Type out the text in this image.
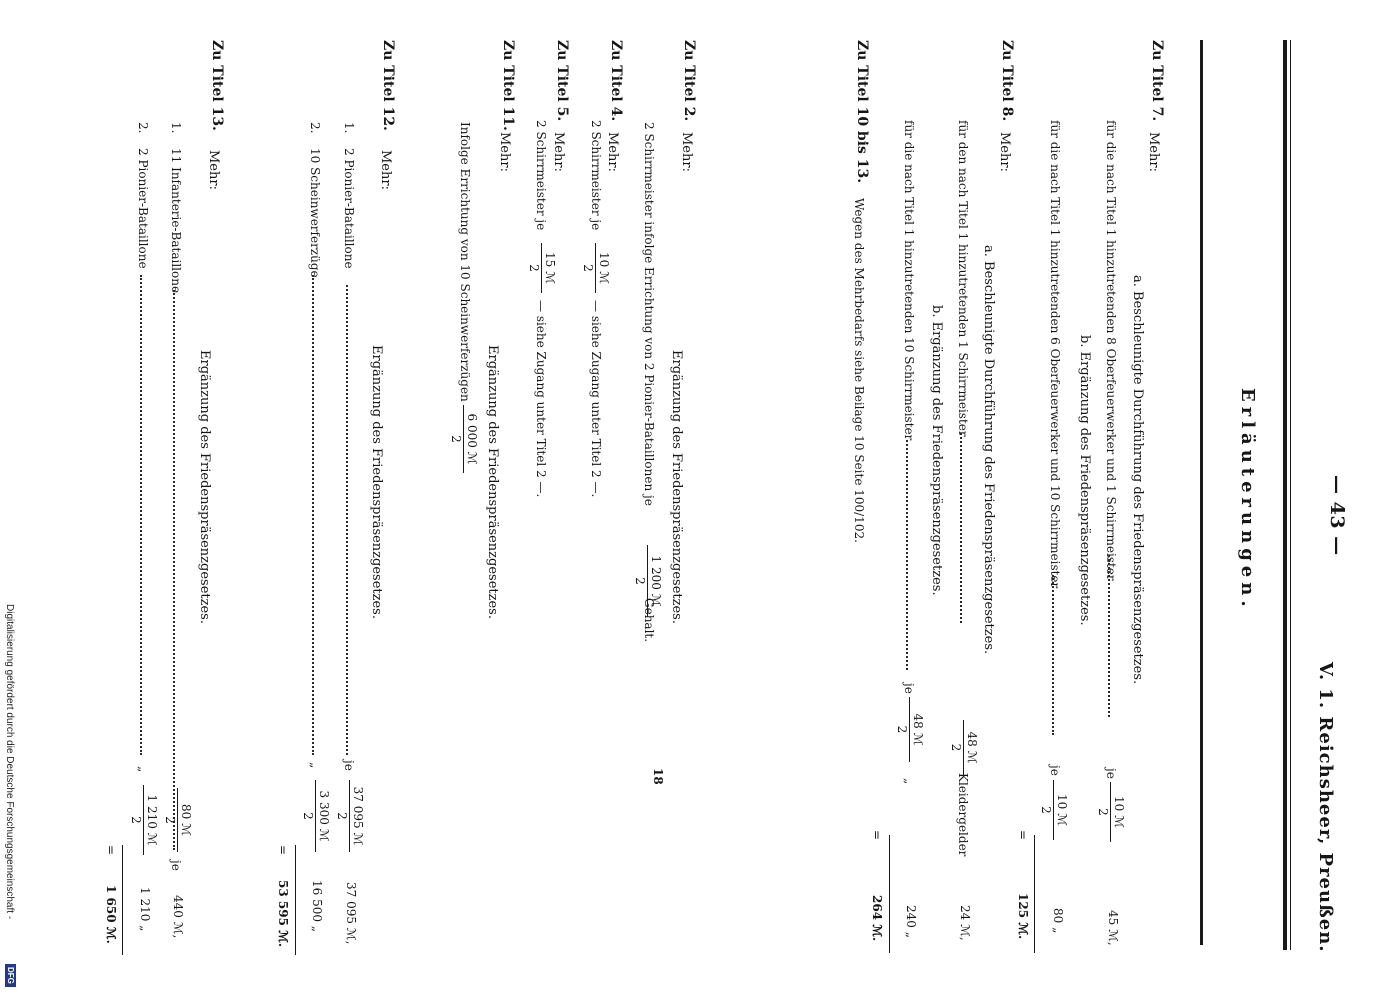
— 43 —
V. 1. Reichsheer, Preußen.
Erläuterungen.
Zu Titel 7.
Mehr:
a. Beschleunigte Durchführung des Friedenspräsenzgesetzes.
für die nach Titel 1 hinzutretenden 8 Oberfeuerwerker und 1 Schirrmeister
je
10 ℳ
2
45 ℳ,
b. Ergänzung des Friedenspräsenzgesetzes.
für die nach Titel 1 hinzutretenden 6 Oberfeuerwerker und 10 Schirrmeister
je
10 ℳ
2
80 „
=
125 ℳ.
Zu Titel 8.
Mehr:
a. Beschleunigte Durchführung des Friedenspräsenzgesetzes.
für den nach Titel 1 hinzutretenden 1 Schirrmeister
48 ℳ
2
Kleidergelder
24 ℳ,
b. Ergänzung des Friedenspräsenzgesetzes.
für die nach Titel 1 hinzutretenden 10 Schirrmeister
je
48 ℳ
2
„
240 „
=
264 ℳ.
Zu Titel 10 bis 13.
Wegen des Mehrbedarfs siehe Beilage 10 Seite 100/102.
Zu Titel 2.
Mehr:
Ergänzung des Friedenspräsenzgesetzes.
2 Schirrmeister infolge Errichtung von 2 Pionier-Bataillonen je
1 200 ℳ
2
Gehalt.
Zu Titel 4.
Mehr:
2 Schirrmeister je
10 ℳ
2
— siehe Zugang unter Titel 2 —.
Zu Titel 5.
Mehr:
2 Schirrmeister je
15 ℳ
2
— siehe Zugang unter Titel 2 —.
Zu Titel 11.
Mehr:
Ergänzung des Friedenspräsenzgesetzes.
Infolge Errichtung von 10 Scheinwerferzügen
6 000 ℳ
2
Zu Titel 12.
Mehr:
Ergänzung des Friedenspräsenzgesetzes.
1.
2 Pionier-Bataillone
je
37 095 ℳ
2
37 095 ℳ,
2.
10 Scheinwerferzüge
„
3 300 ℳ
2
16 500 „
=
53 595 ℳ.
Zu Titel 13.
Mehr:
Ergänzung des Friedenspräsenzgesetzes.
1.
11 Infanterie-Bataillone
je
80 ℳ
2
440 ℳ,
2.
2 Pionier-Bataillone
„
1 210 ℳ
2
1 210 „
=
1 650 ℳ.
18
Digitalisierung gefördert durch die Deutsche Forschungsgemeinschaft -
DFG
